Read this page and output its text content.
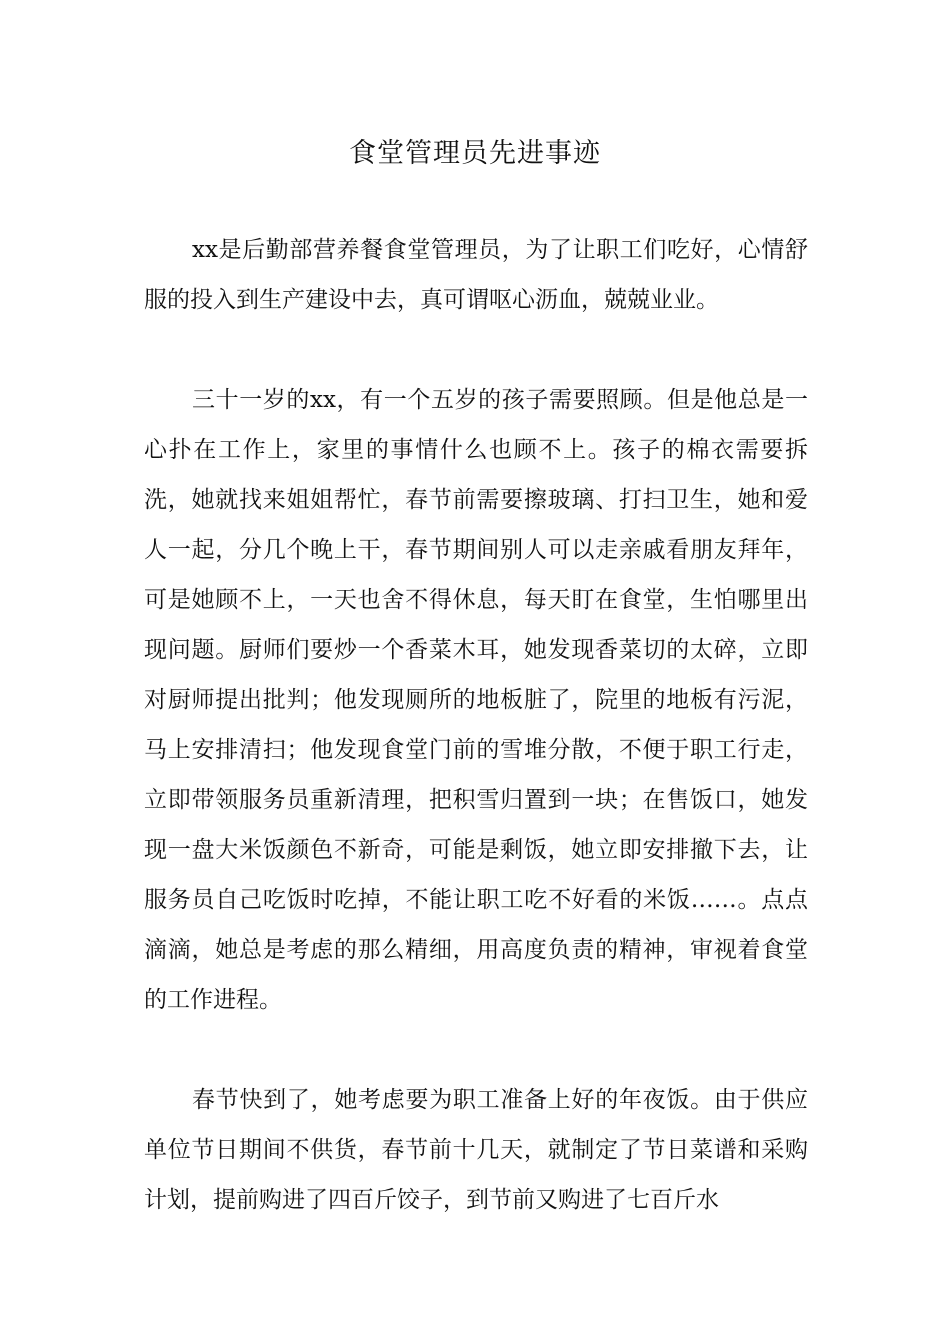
食堂管理员先进事迹

xx是后勤部营养餐食堂管理员，为了让职工们吃好，心情舒服的投入到生产建设中去，真可谓呕心沥血，兢兢业业。

三十一岁的xx，有一个五岁的孩子需要照顾。但是他总是一心扑在工作上，家里的事情什么也顾不上。孩子的棉衣需要拆洗，她就找来姐姐帮忙，春节前需要擦玻璃、打扫卫生，她和爱人一起，分几个晚上干，春节期间别人可以走亲戚看朋友拜年，可是她顾不上，一天也舍不得休息，每天盯在食堂，生怕哪里出现问题。厨师们要炒一个香菜木耳，她发现香菜切的太碎，立即对厨师提出批判；他发现厕所的地板脏了，院里的地板有污泥，马上安排清扫；他发现食堂门前的雪堆分散，不便于职工行走，立即带领服务员重新清理，把积雪归置到一块；在售饭口，她发现一盘大米饭颜色不新奇，可能是剩饭，她立即安排撤下去，让服务员自己吃饭时吃掉，不能让职工吃不好看的米饭……。点点滴滴，她总是考虑的那么精细，用高度负责的精神，审视着食堂的工作进程。

春节快到了，她考虑要为职工准备上好的年夜饭。由于供应单位节日期间不供货，春节前十几天，就制定了节日菜谱和采购计划，提前购进了四百斤饺子，到节前又购进了七百斤水
